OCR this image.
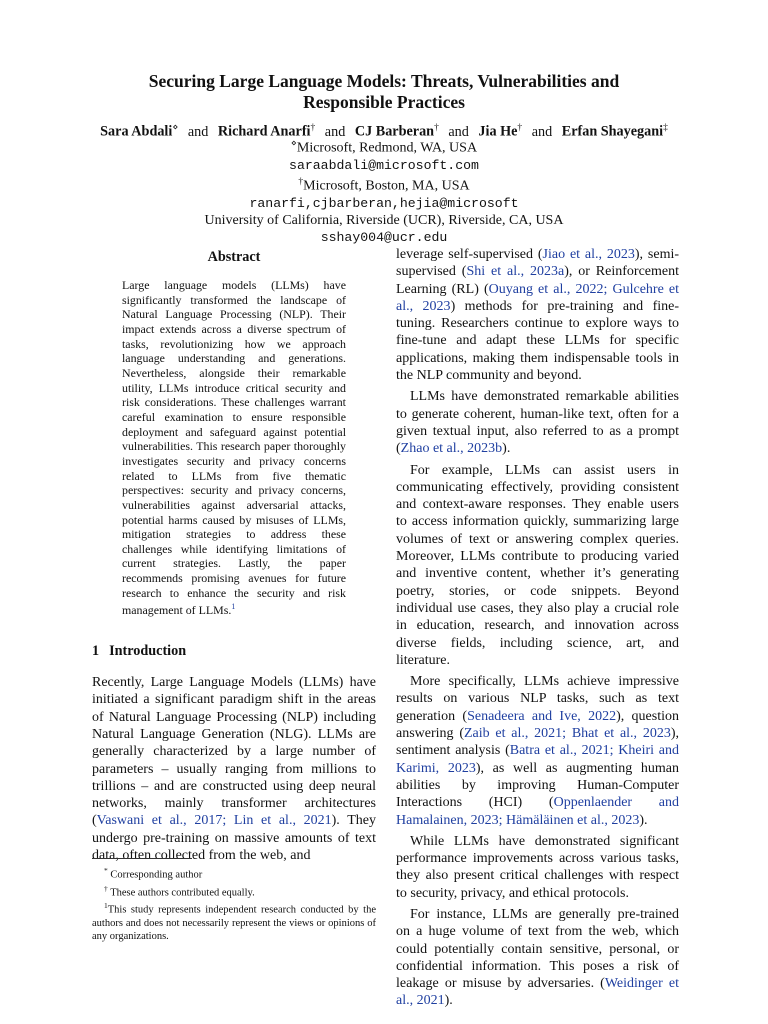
Securing Large Language Models: Threats, Vulnerabilities and
Responsible Practices
Sara Abdali⋄ and Richard Anarfi† and CJ Barberan† and Jia He† and Erfan Shayegani‡
⋄Microsoft, Redmond, WA, USA
saraabdali@microsoft.com
†Microsoft, Boston, MA, USA
ranarfi,cjbarberan,hejia@microsoft
University of California, Riverside (UCR), Riverside, CA, USA
sshay004@ucr.edu
Abstract
Large language models (LLMs) have significantly transformed the landscape of Natural Language Processing (NLP). Their impact extends across a diverse spectrum of tasks, revolutionizing how we approach language understanding and generations. Nevertheless, alongside their remarkable utility, LLMs introduce critical security and risk considerations. These challenges warrant careful examination to ensure responsible deployment and safeguard against potential vulnerabilities. This research paper thoroughly investigates security and privacy concerns related to LLMs from five thematic perspectives: security and privacy concerns, vulnerabilities against adversarial attacks, potential harms caused by misuses of LLMs, mitigation strategies to address these challenges while identifying limitations of current strategies. Lastly, the paper recommends promising avenues for future research to enhance the security and risk management of LLMs.$^1$
1 Introduction

Recently, Large Language Models (LLMs) have initiated a significant paradigm shift in the areas of Natural Language Processing (NLP) including Natural Language Generation (NLG). LLMs are generally characterized by a large number of parameters – usually ranging from millions to trillions – and are constructed using deep neural networks, mainly transformer architectures (Vaswani et al., 2017; Lin et al., 2021). They undergo pre-training on massive amounts of text data, often collected from the web, and

* Corresponding author

† These authors contributed equally.

$^1$This study represents independent research conducted by the authors and does not necessarily represent the views or opinions of any organizations.

leverage self-supervised (Jiao et al., 2023), semi-supervised (Shi et al., 2023a), or Reinforcement Learning (RL) (Ouyang et al., 2022; Gulcehre et al., 2023) methods for pre-training and fine-tuning. Researchers continue to explore ways to fine-tune and adapt these LLMs for specific applications, making them indispensable tools in the NLP community and beyond.

LLMs have demonstrated remarkable abilities to generate coherent, human-like text, often for a given textual input, also referred to as a prompt (Zhao et al., 2023b).

For example, LLMs can assist users in communicating effectively, providing consistent and context-aware responses. They enable users to access information quickly, summarizing large volumes of text or answering complex queries. Moreover, LLMs contribute to producing varied and inventive content, whether it’s generating poetry, stories, or code snippets. Beyond individual use cases, they also play a crucial role in education, research, and innovation across diverse fields, including science, art, and literature.

More specifically, LLMs achieve impressive results on various NLP tasks, such as text generation (Senadeera and Ive, 2022), question answering (Zaib et al., 2021; Bhat et al., 2023), sentiment analysis (Batra et al., 2021; Kheiri and Karimi, 2023), as well as augmenting human abilities by improving Human-Computer Interactions (HCI) (Oppenlaender and Hamalainen, 2023; Hämäläinen et al., 2023).

While LLMs have demonstrated significant performance improvements across various tasks, they also present critical challenges with respect to security, privacy, and ethical protocols.

For instance, LLMs are generally pre-trained on a huge volume of text from the web, which could potentially contain sensitive, personal, or confidential information. This poses a risk of leakage or misuse by adversaries. (Weidinger et al., 2021).
